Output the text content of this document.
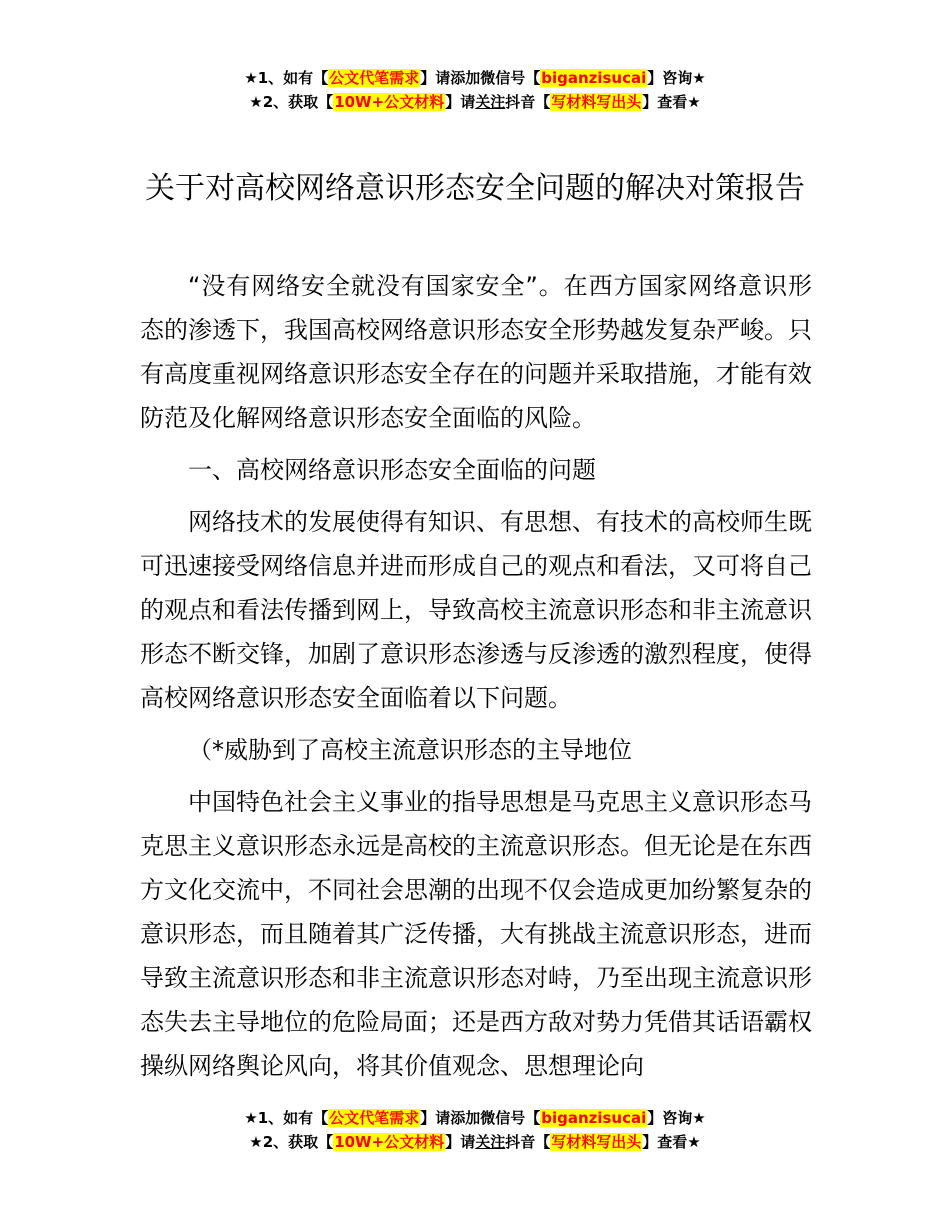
★1、如有【公文代笔需求】请添加微信号【biganzisucai】咨询★
★2、获取【10W+公文材料】请关注抖音【写材料写出头】查看★
关于对高校网络意识形态安全问题的解决对策报告

“没有网络安全就没有国家安全”。在西方国家网络意识形态的渗透下，我国高校网络意识形态安全形势越发复杂严峻。只有高度重视网络意识形态安全存在的问题并采取措施，才能有效防范及化解网络意识形态安全面临的风险。

一、高校网络意识形态安全面临的问题

网络技术的发展使得有知识、有思想、有技术的高校师生既可迅速接受网络信息并进而形成自己的观点和看法，又可将自己的观点和看法传播到网上，导致高校主流意识形态和非主流意识形态不断交锋，加剧了意识形态渗透与反渗透的激烈程度，使得高校网络意识形态安全面临着以下问题。

（*威胁到了高校主流意识形态的主导地位

中国特色社会主义事业的指导思想是马克思主义意识形态马克思主义意识形态永远是高校的主流意识形态。但无论是在东西方文化交流中，不同社会思潮的出现不仅会造成更加纷繁复杂的意识形态，而且随着其广泛传播，大有挑战主流意识形态，进而导致主流意识形态和非主流意识形态对峙，乃至出现主流意识形态失去主导地位的危险局面；还是西方敌对势力凭借其话语霸权操纵网络舆论风向，将其价值观念、思想理论向

★1、如有【公文代笔需求】请添加微信号【biganzisucai】咨询★
★2、获取【10W+公文材料】请关注抖音【写材料写出头】查看★
